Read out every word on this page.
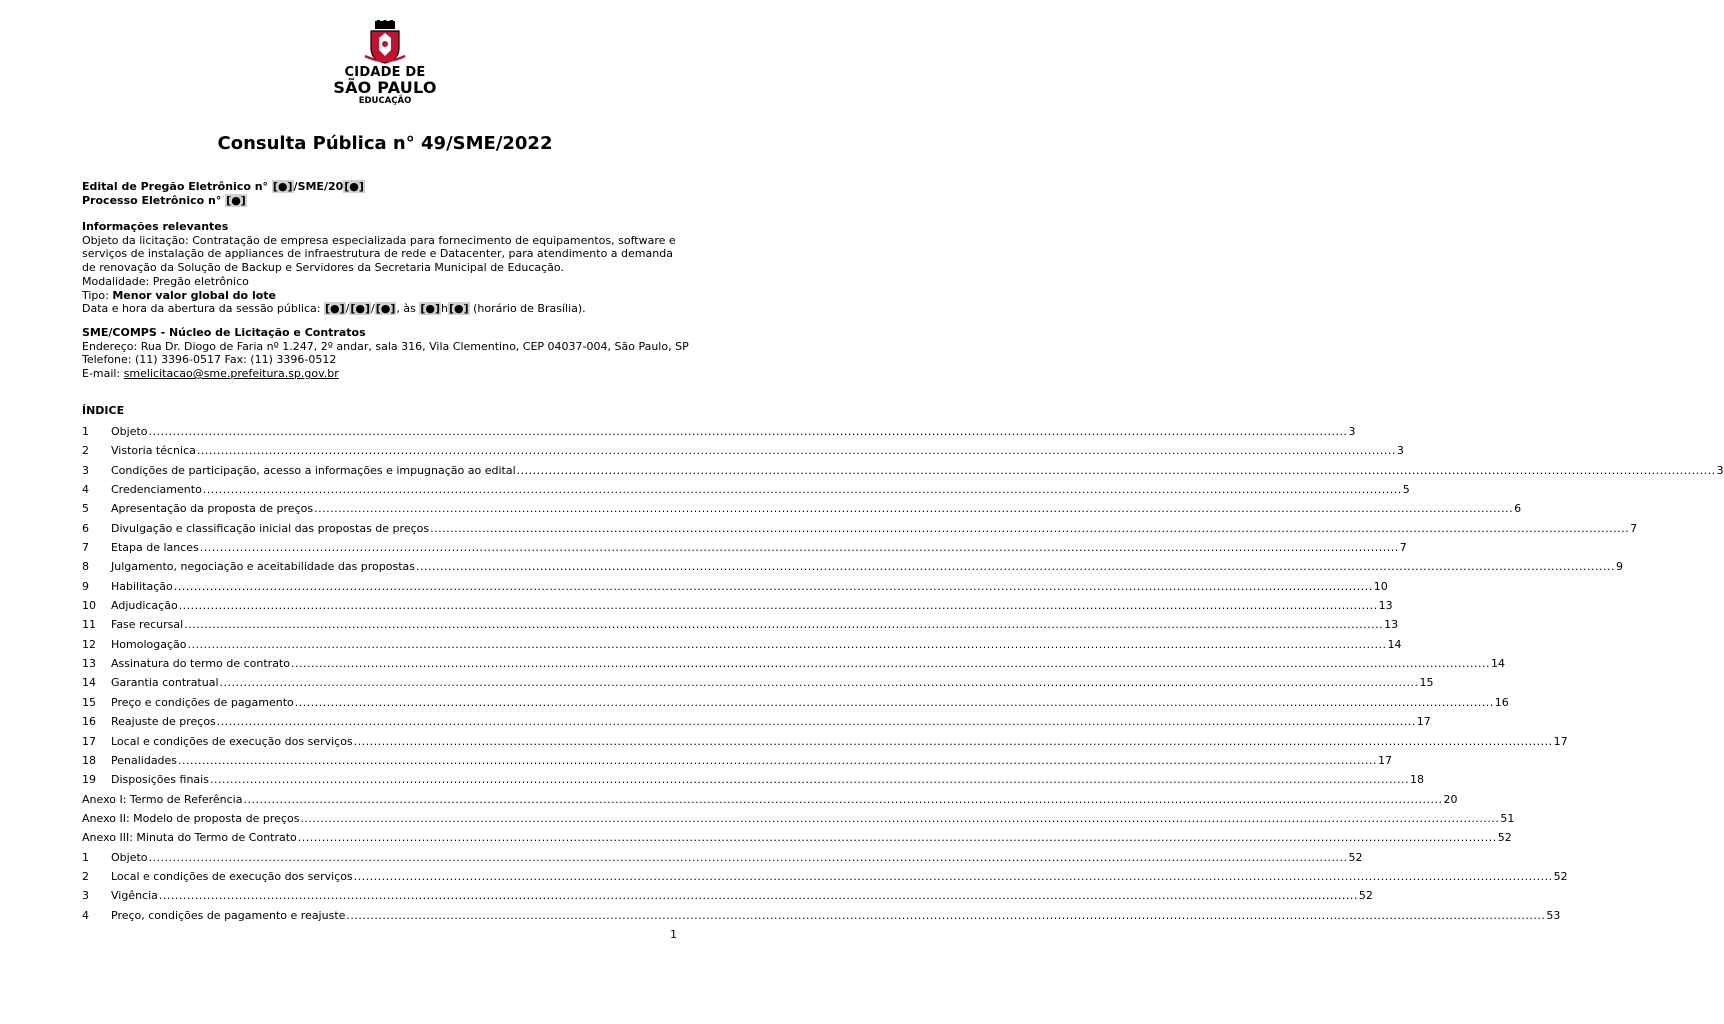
CIDADE DE
SÃO PAULO
EDUCAÇÃO
Consulta Pública n° 49/SME/2022

Edital de Pregão Eletrônico n° [●]/SME/20[●]

Processo Eletrônico n° [●]

Informações relevantes

Objeto da licitação: Contratação de empresa especializada para fornecimento de equipamentos, software e

serviços de instalação de appliances de infraestrutura de rede e Datacenter, para atendimento a demanda

de renovação da Solução de Backup e Servidores da Secretaria Municipal de Educação.

Modalidade: Pregão eletrônico

Tipo: Menor valor global do lote

Data e hora da abertura da sessão pública: [●]/[●]/[●], às [●]h[●] (horário de Brasília).

SME/COMPS - Núcleo de Licitação e Contratos

Endereço: Rua Dr. Diogo de Faria nº 1.247, 2º andar, sala 316, Vila Clementino, CEP 04037-004, São Paulo, SP

Telefone: (11) 3396-0517 Fax: (11) 3396-0512

E-mail: smelicitacao@sme.prefeitura.sp.gov.br

ÍNDICE
1	Objeto ............................................................................................................................................................................................................................................................................................................ 3
2	Vistoria técnica ............................................................................................................................................................................................................................................................................................................ 3
3	Condições de participação, acesso a informações e impugnação ao edital ............................................................................................................................................................................................................................................................................................................ 3
4	Credenciamento ............................................................................................................................................................................................................................................................................................................ 5
5	Apresentação da proposta de preços ............................................................................................................................................................................................................................................................................................................ 6
6	Divulgação e classificação inicial das propostas de preços ............................................................................................................................................................................................................................................................................................................ 7
7	Etapa de lances ............................................................................................................................................................................................................................................................................................................ 7
8	Julgamento, negociação e aceitabilidade das propostas ............................................................................................................................................................................................................................................................................................................ 9
9	Habilitação ............................................................................................................................................................................................................................................................................................................ 10
10	Adjudicação ............................................................................................................................................................................................................................................................................................................ 13
11	Fase recursal ............................................................................................................................................................................................................................................................................................................ 13
12	Homologação ............................................................................................................................................................................................................................................................................................................ 14
13	Assinatura do termo de contrato ............................................................................................................................................................................................................................................................................................................ 14
14	Garantia contratual ............................................................................................................................................................................................................................................................................................................ 15
15	Preço e condições de pagamento ............................................................................................................................................................................................................................................................................................................ 16
16	Reajuste de preços ............................................................................................................................................................................................................................................................................................................ 17
17	Local e condições de execução dos serviços ............................................................................................................................................................................................................................................................................................................ 17
18	Penalidades ............................................................................................................................................................................................................................................................................................................ 17
19	Disposições finais ............................................................................................................................................................................................................................................................................................................ 18
Anexo I: Termo de Referência ............................................................................................................................................................................................................................................................................................................ 20
Anexo II: Modelo de proposta de preços ............................................................................................................................................................................................................................................................................................................ 51
Anexo III: Minuta do Termo de Contrato ............................................................................................................................................................................................................................................................................................................ 52
1	Objeto ............................................................................................................................................................................................................................................................................................................ 52
2	Local e condições de execução dos serviços ............................................................................................................................................................................................................................................................................................................ 52
3	Vigência ............................................................................................................................................................................................................................................................................................................ 52
4	Preço, condições de pagamento e reajuste ............................................................................................................................................................................................................................................................................................................ 53
1
